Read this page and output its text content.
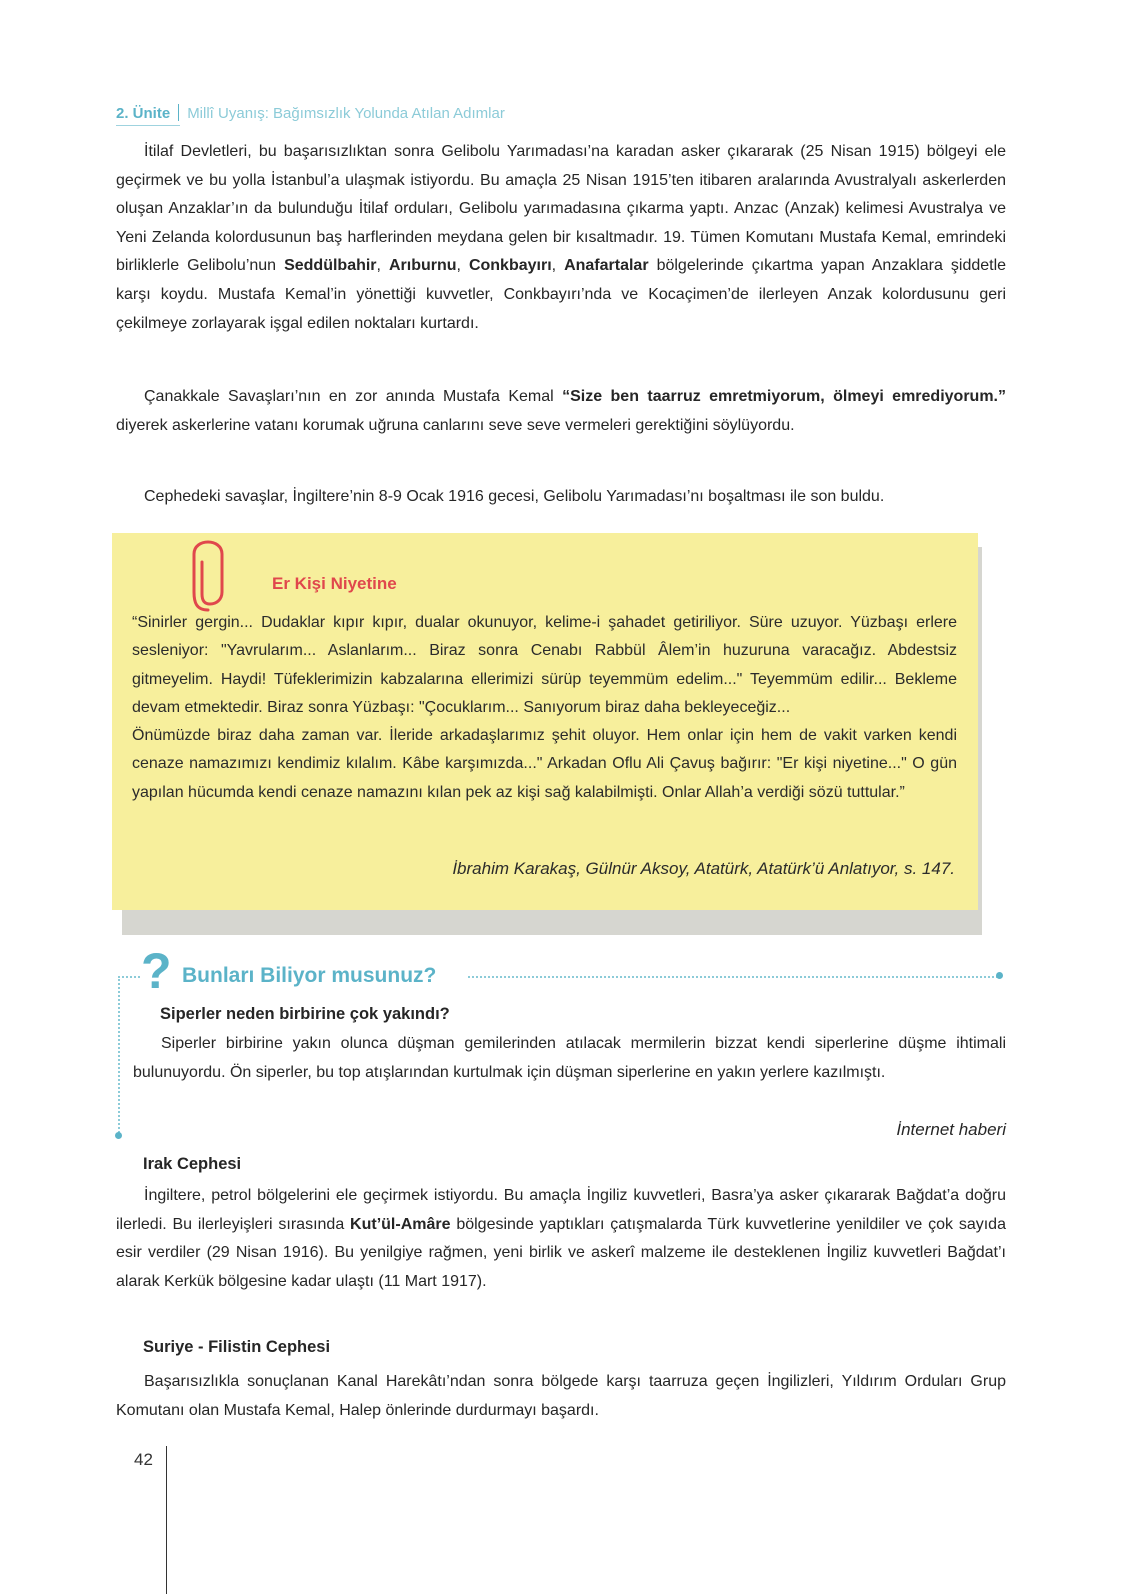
2. Ünite Millî Uyanış: Bağımsızlık Yolunda Atılan Adımlar

İtilaf Devletleri, bu başarısızlıktan sonra Gelibolu Yarımadası’na karadan asker çıkararak (25 Nisan 1915) bölgeyi ele geçirmek ve bu yolla İstanbul’a ulaşmak istiyordu. Bu amaçla 25 Nisan 1915’ten itibaren aralarında Avustralyalı askerlerden oluşan Anzaklar’ın da bulunduğu İtilaf orduları, Gelibolu yarımadasına çıkarma yaptı. Anzac (Anzak) kelimesi Avustralya ve Yeni Zelanda kolordusunun baş harflerinden meydana gelen bir kısaltmadır. 19. Tümen Komutanı Mustafa Kemal, emrindeki birliklerle Gelibolu’nun Seddülbahir, Arıburnu, Conkbayırı, Anafartalar bölgelerinde çıkartma yapan Anzaklara şiddetle karşı koydu. Mustafa Kemal’in yönettiği kuvvetler, Conkbayırı’nda ve Kocaçimen’de ilerleyen Anzak kolordusunu geri çekilmeye zorlayarak işgal edilen noktaları kurtardı.

Çanakkale Savaşları’nın en zor anında Mustafa Kemal “Size ben taarruz emretmiyorum, ölmeyi emrediyorum.” diyerek askerlerine vatanı korumak uğruna canlarını seve seve vermeleri gerektiğini söylüyordu.

Cephedeki savaşlar, İngiltere’nin 8-9 Ocak 1916 gecesi, Gelibolu Yarımadası’nı boşaltması ile son buldu.

Er Kişi Niyetine

“Sinirler gergin... Dudaklar kıpır kıpır, dualar okunuyor, kelime-i şahadet getiriliyor. Süre uzuyor. Yüzbaşı erlere sesleniyor: "Yavrularım... Aslanlarım... Biraz sonra Cenabı Rabbül Âlem’in huzuruna varacağız. Abdestsiz gitmeyelim. Haydi! Tüfeklerimizin kabzalarına ellerimizi sürüp teyemmüm edelim..." Teyemmüm edilir... Bekleme devam etmektedir. Biraz sonra Yüzbaşı: "Çocuklarım... Sanıyorum biraz daha bekleyeceğiz...
Önümüzde biraz daha zaman var. İleride arkadaşlarımız şehit oluyor. Hem onlar için hem de vakit varken kendi cenaze namazımızı kendimiz kılalım. Kâbe karşımızda..." Arkadan Oflu Ali Çavuş bağırır: "Er kişi niyetine..." O gün yapılan hücumda kendi cenaze namazını kılan pek az kişi sağ kalabilmişti. Onlar Allah’a verdiği sözü tuttular.”

İbrahim Karakaş, Gülnür Aksoy, Atatürk, Atatürk’ü Anlatıyor, s. 147.
? Bunları Biliyor musunuz?
Siperler neden birbirine çok yakındı?

Siperler birbirine yakın olunca düşman gemilerinden atılacak mermilerin bizzat kendi siperlerine düşme ihtimali bulunuyordu. Ön siperler, bu top atışlarından kurtulmak için düşman siperlerine en yakın yerlere kazılmıştı.

İnternet haberi
Irak Cephesi

İngiltere, petrol bölgelerini ele geçirmek istiyordu. Bu amaçla İngiliz kuvvetleri, Basra’ya asker çıkararak Bağdat’a doğru ilerledi. Bu ilerleyişleri sırasında Kut’ül-Amâre bölgesinde yaptıkları çatışmalarda Türk kuvvetlerine yenildiler ve çok sayıda esir verdiler (29 Nisan 1916). Bu yenilgiye rağmen, yeni birlik ve askerî malzeme ile desteklenen İngiliz kuvvetleri Bağdat’ı alarak Kerkük bölgesine kadar ulaştı (11 Mart 1917).

Suriye - Filistin Cephesi

Başarısızlıkla sonuçlanan Kanal Harekâtı’ndan sonra bölgede karşı taarruza geçen İngilizleri, Yıldırım Orduları Grup Komutanı olan Mustafa Kemal, Halep önlerinde durdurmayı başardı.

42
